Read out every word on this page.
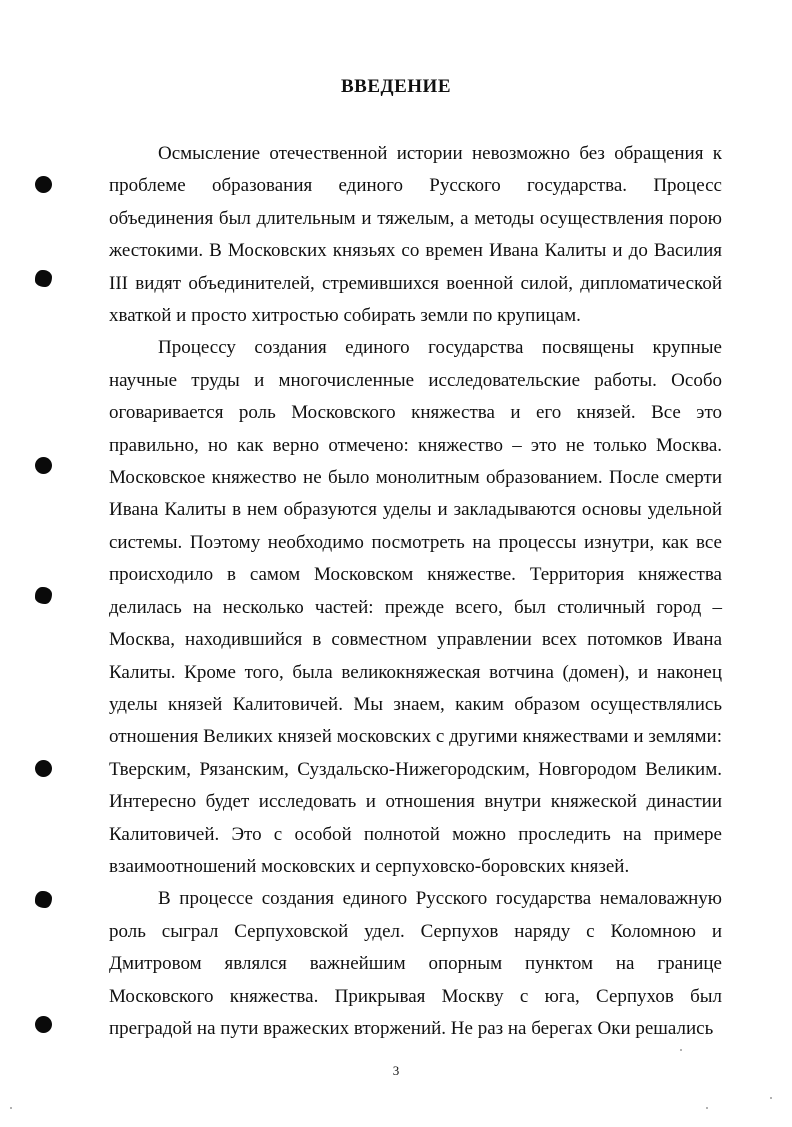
ВВЕДЕНИЕ

Осмысление отечественной истории невозможно без обращения к проблеме образования единого Русского государства. Процесс объединения был длительным и тяжелым, а методы осуществления порою жестокими. В Московских князьях со времен Ивана Калиты и до Василия III видят объединителей, стремившихся военной силой, дипломатической хваткой и просто хитростью собирать земли по крупицам.

Процессу создания единого государства посвящены крупные научные труды и многочисленные исследовательские работы. Особо оговаривается роль Московского княжества и его князей. Все это правильно, но как верно отмечено: княжество – это не только Москва. Московское княжество не было монолитным образованием. После смерти Ивана Калиты в нем образуются уделы и закладываются основы удельной системы. Поэтому необходимо посмотреть на процессы изнутри, как все происходило в самом Московском княжестве. Территория княжества делилась на несколько частей: прежде всего, был столичный город – Москва, находившийся в совместном управлении всех потомков Ивана Калиты. Кроме того, была великокняжеская вотчина (домен), и наконец уделы князей Калитовичей. Мы знаем, каким образом осуществлялись отношения Великих князей московских с другими княжествами и землями: Тверским, Рязанским, Суздальско-Нижегородским, Новгородом Великим. Интересно будет исследовать и отношения внутри княжеской династии Калитовичей. Это с особой полнотой можно проследить на примере взаимоотношений московских и серпуховско-боровских князей.

В процессе создания единого Русского государства немаловажную роль сыграл Серпуховской удел. Серпухов наряду с Коломною и Дмитровом являлся важнейшим опорным пунктом на границе Московского княжества. Прикрывая Москву с юга, Серпухов был преградой на пути вражеских вторжений. Не раз на берегах Оки решались

3
